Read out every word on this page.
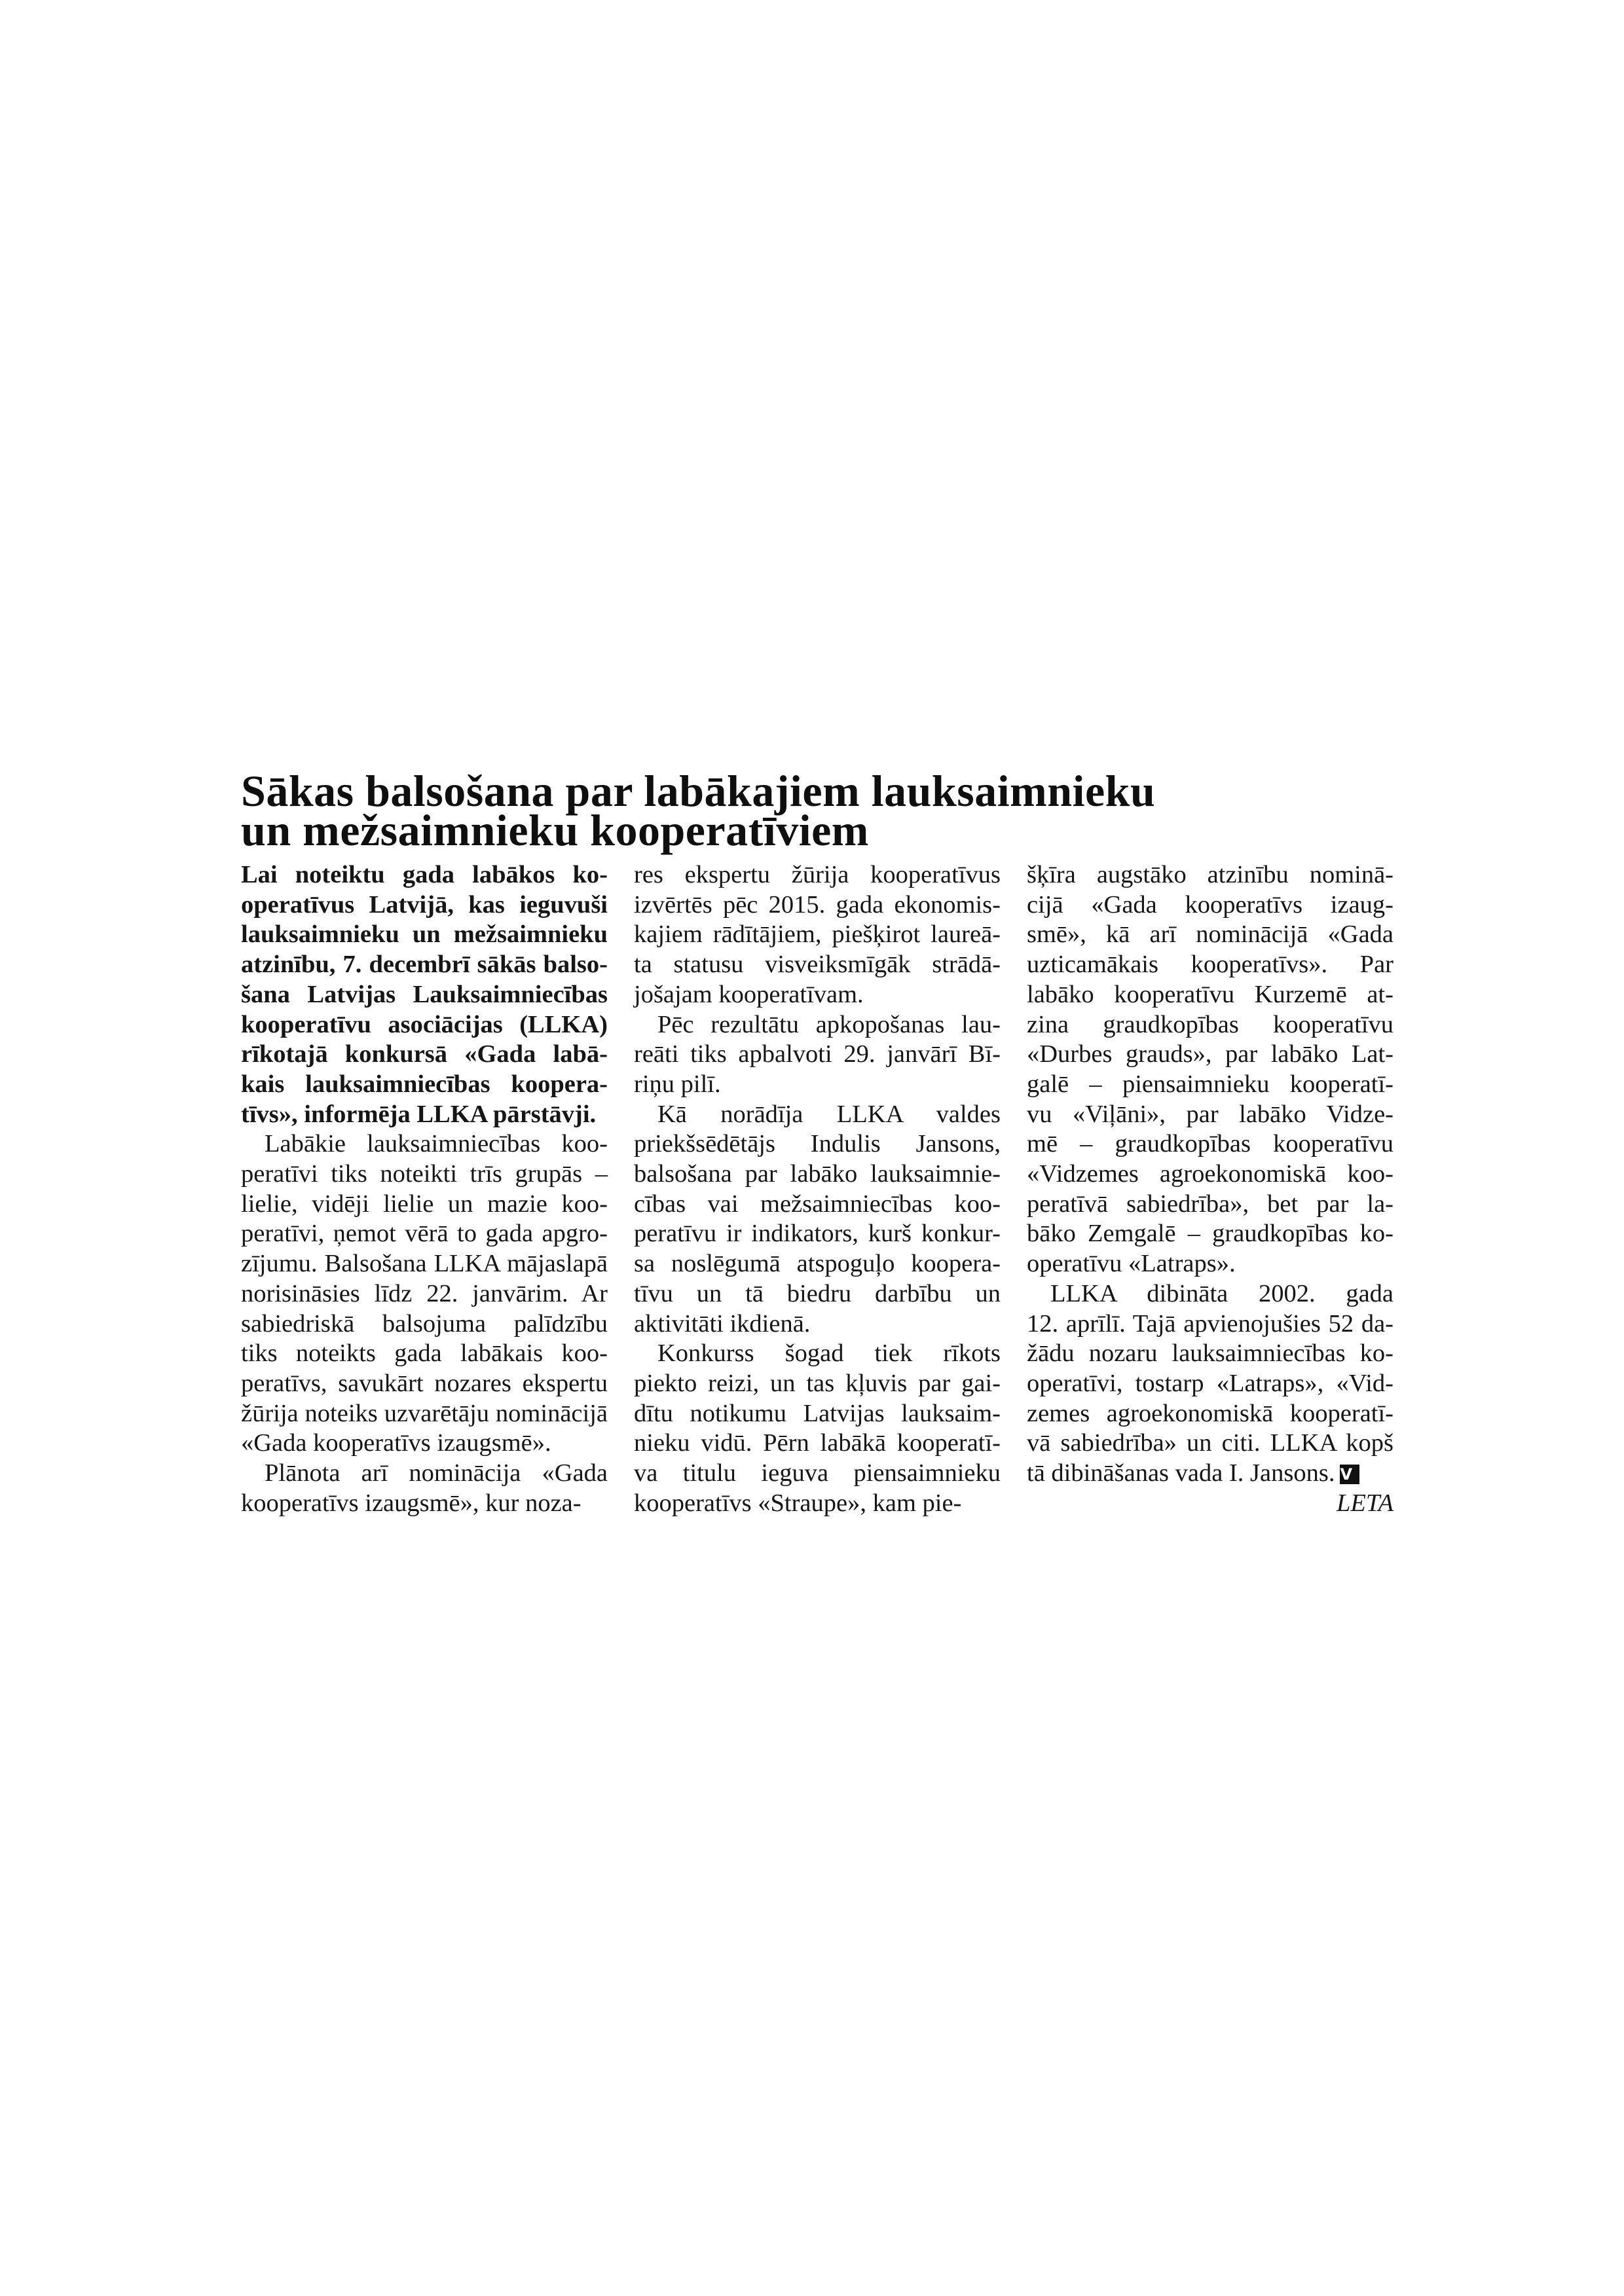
Sākas balsošana par labākajiem lauksaimnieku
un mežsaimnieku kooperatīviem
Lai noteiktu gada labākos ko-
operatīvus Latvijā, kas ieguvuši
lauksaimnieku un mežsaimnieku
atzinību, 7. decembrī sākās balso-
šana Latvijas Lauksaimniecības
kooperatīvu asociācijas (LLKA)
rīkotajā konkursā «Gada labā-
kais lauksaimniecības koopera-
tīvs», informēja LLKA pārstāvji.
Labākie lauksaimniecības koo-
peratīvi tiks noteikti trīs grupās –
lielie, vidēji lielie un mazie koo-
peratīvi, ņemot vērā to gada apgro-
zījumu. Balsošana LLKA mājaslapā
norisināsies līdz 22. janvārim. Ar
sabiedriskā balsojuma palīdzību
tiks noteikts gada labākais koo-
peratīvs, savukārt nozares ekspertu
žūrija noteiks uzvarētāju nominācijā
«Gada kooperatīvs izaugsmē».
Plānota arī nominācija «Gada
kooperatīvs izaugsmē», kur noza-
res ekspertu žūrija kooperatīvus
izvērtēs pēc 2015. gada ekonomis-
kajiem rādītājiem, piešķirot laureā-
ta statusu visveiksmīgāk strādā-
jošajam kooperatīvam.
Pēc rezultātu apkopošanas lau-
reāti tiks apbalvoti 29. janvārī Bī-
riņu pilī.
Kā norādīja LLKA valdes
priekšsēdētājs Indulis Jansons,
balsošana par labāko lauksaimnie-
cības vai mežsaimniecības koo-
peratīvu ir indikators, kurš konkur-
sa noslēgumā atspoguļo koopera-
tīvu un tā biedru darbību un
aktivitāti ikdienā.
Konkurss šogad tiek rīkots
piekto reizi, un tas kļuvis par gai-
dītu notikumu Latvijas lauksaim-
nieku vidū. Pērn labākā kooperatī-
va titulu ieguva piensaimnieku
kooperatīvs «Straupe», kam pie-
šķīra augstāko atzinību nominā-
cijā «Gada kooperatīvs izaug-
smē», kā arī nominācijā «Gada
uzticamākais kooperatīvs». Par
labāko kooperatīvu Kurzemē at-
zina graudkopības kooperatīvu
«Durbes grauds», par labāko Lat-
galē – piensaimnieku kooperatī-
vu «Viļāni», par labāko Vidze-
mē – graudkopības kooperatīvu
«Vidzemes agroekonomiskā koo-
peratīvā sabiedrība», bet par la-
bāko Zemgalē – graudkopības ko-
operatīvu «Latraps».
LLKA dibināta 2002. gada
12. aprīlī. Tajā apvienojušies 52 da-
žādu nozaru lauksaimniecības ko-
operatīvi, tostarp «Latraps», «Vid-
zemes agroekonomiskā kooperatī-
vā sabiedrība» un citi. LLKA kopš
tā dibināšanas vada I. Jansons. V
LETA
